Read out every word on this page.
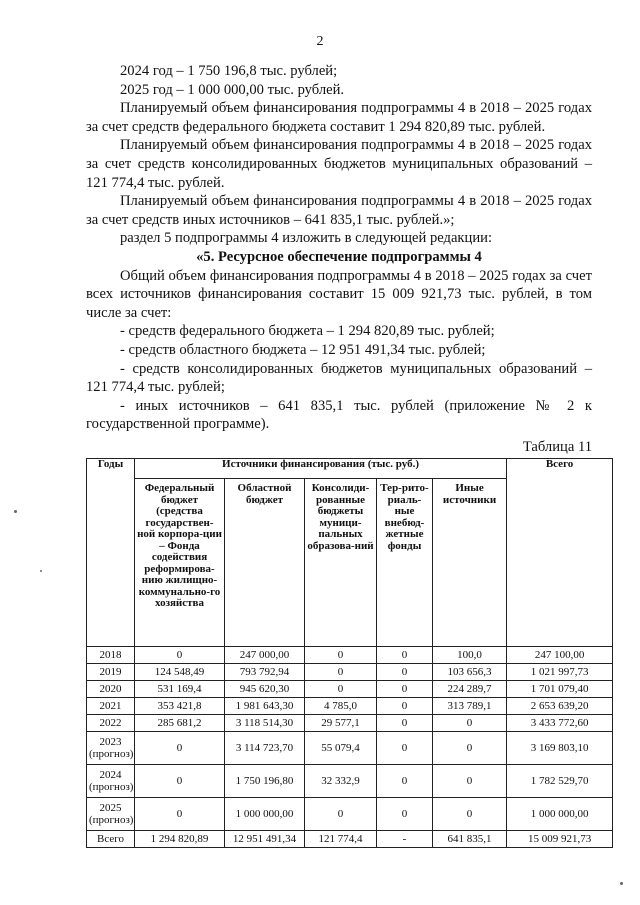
2

2024 год – 1 750 196,8 тыс. рублей;

2025 год – 1 000 000,00 тыс. рублей.

Планируемый объем финансирования подпрограммы 4 в 2018 – 2025 годах за счет средств федерального бюджета составит 1 294 820,89 тыс. рублей.

Планируемый объем финансирования подпрограммы 4 в 2018 – 2025 годах за счет средств консолидированных бюджетов муниципальных образований – 121 774,4 тыс. рублей.

Планируемый объем финансирования подпрограммы 4 в 2018 – 2025 годах за счет средств иных источников – 641 835,1 тыс. рублей.»;

раздел 5 подпрограммы 4 изложить в следующей редакции:

«5. Ресурсное обеспечение подпрограммы 4

Общий объем финансирования подпрограммы 4 в 2018 – 2025 годах за счет всех источников финансирования составит 15 009 921,73 тыс. рублей, в том числе за счет:

- средств федерального бюджета – 1 294 820,89 тыс. рублей;

- средств областного бюджета – 12 951 491,34 тыс. рублей;

- средств консолидированных бюджетов муниципальных образований – 121 774,4 тыс. рублей;

- иных источников – 641 835,1 тыс. рублей (приложение № 2 к государственной программе).

Таблица 11

Годы	Источники финансирования (тыс. руб.)					Всего
	Федеральный бюджет (средства государствен-ной корпора-ции – Фонда содействия реформирова-нию жилищно-коммунально-го хозяйства	Областной бюджет	Консолиди-рованные бюджеты муници-пальных образова-ний	Тер-рито-риаль-ные внебюд-жетные фонды	Иные источники	
2018	0	247 000,00	0	0	100,0	247 100,00
2019	124 548,49	793 792,94	0	0	103 656,3	1 021 997,73
2020	531 169,4	945 620,30	0	0	224 289,7	1 701 079,40
2021	353 421,8	1 981 643,30	4 785,0	0	313 789,1	2 653 639,20
2022	285 681,2	3 118 514,30	29 577,1	0	0	3 433 772,60
2023 (прогноз)	0	3 114 723,70	55 079,4	0	0	3 169 803,10
2024 (прогноз)	0	1 750 196,80	32 332,9	0	0	1 782 529,70
2025 (прогноз)	0	1 000 000,00	0	0	0	1 000 000,00
Всего	1 294 820,89	12 951 491,34	121 774,4	-	641 835,1	15 009 921,73
